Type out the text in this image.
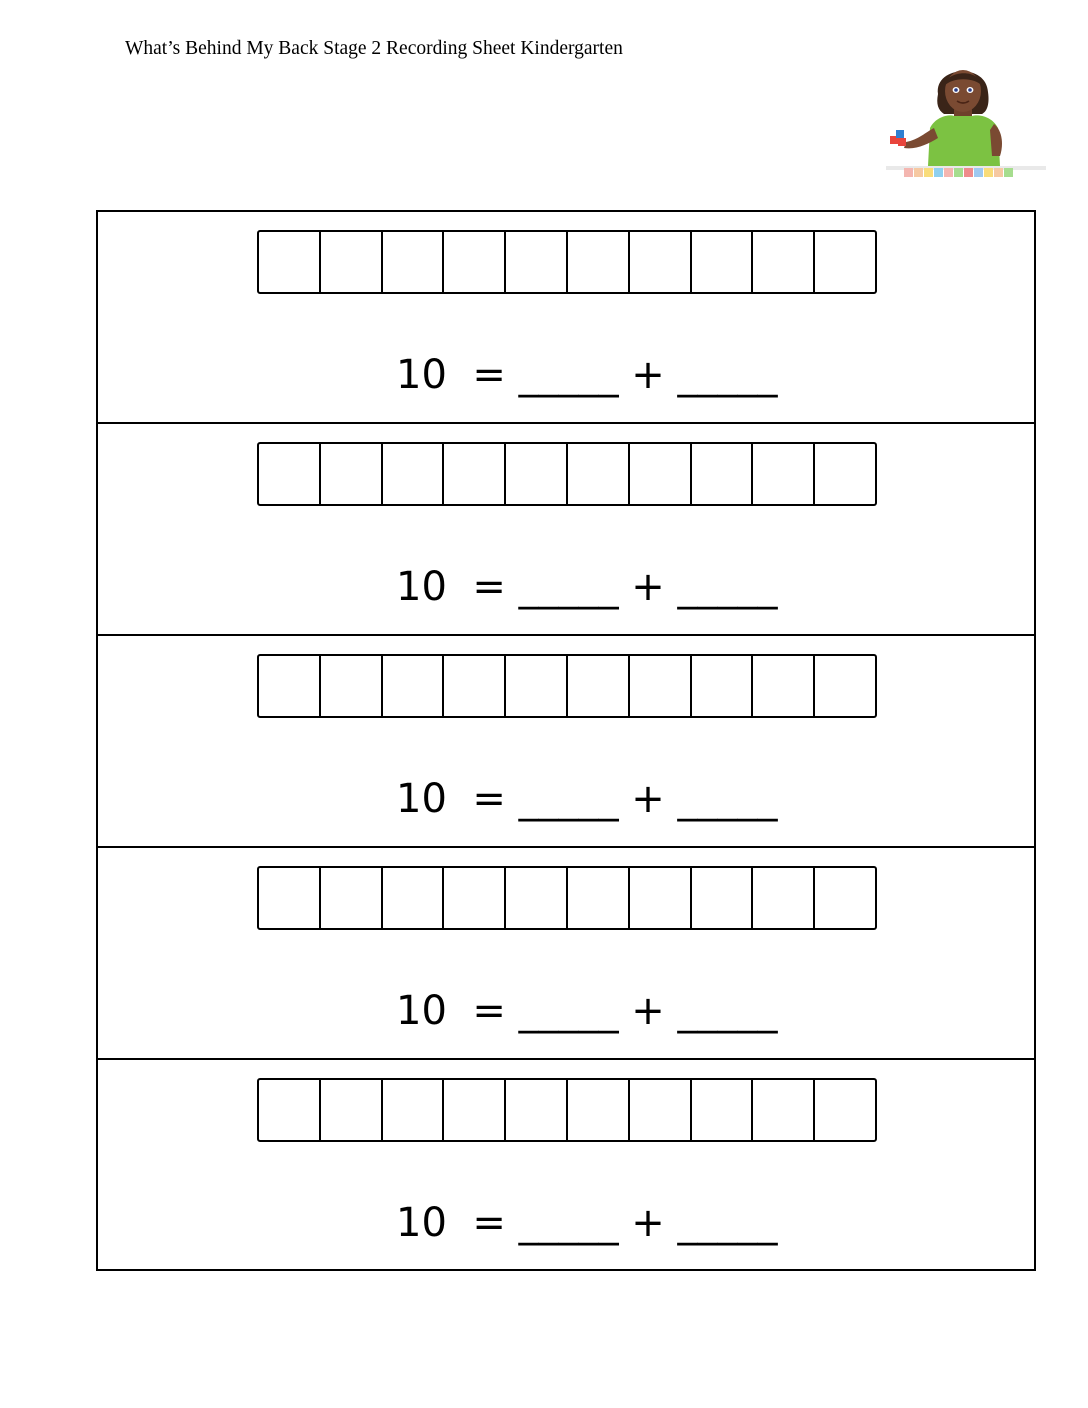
What’s Behind My Back Stage 2 Recording Sheet Kindergarten
10 = _____ + _____
10 = _____ + _____
10 = _____ + _____
10 = _____ + _____
10 = _____ + _____
